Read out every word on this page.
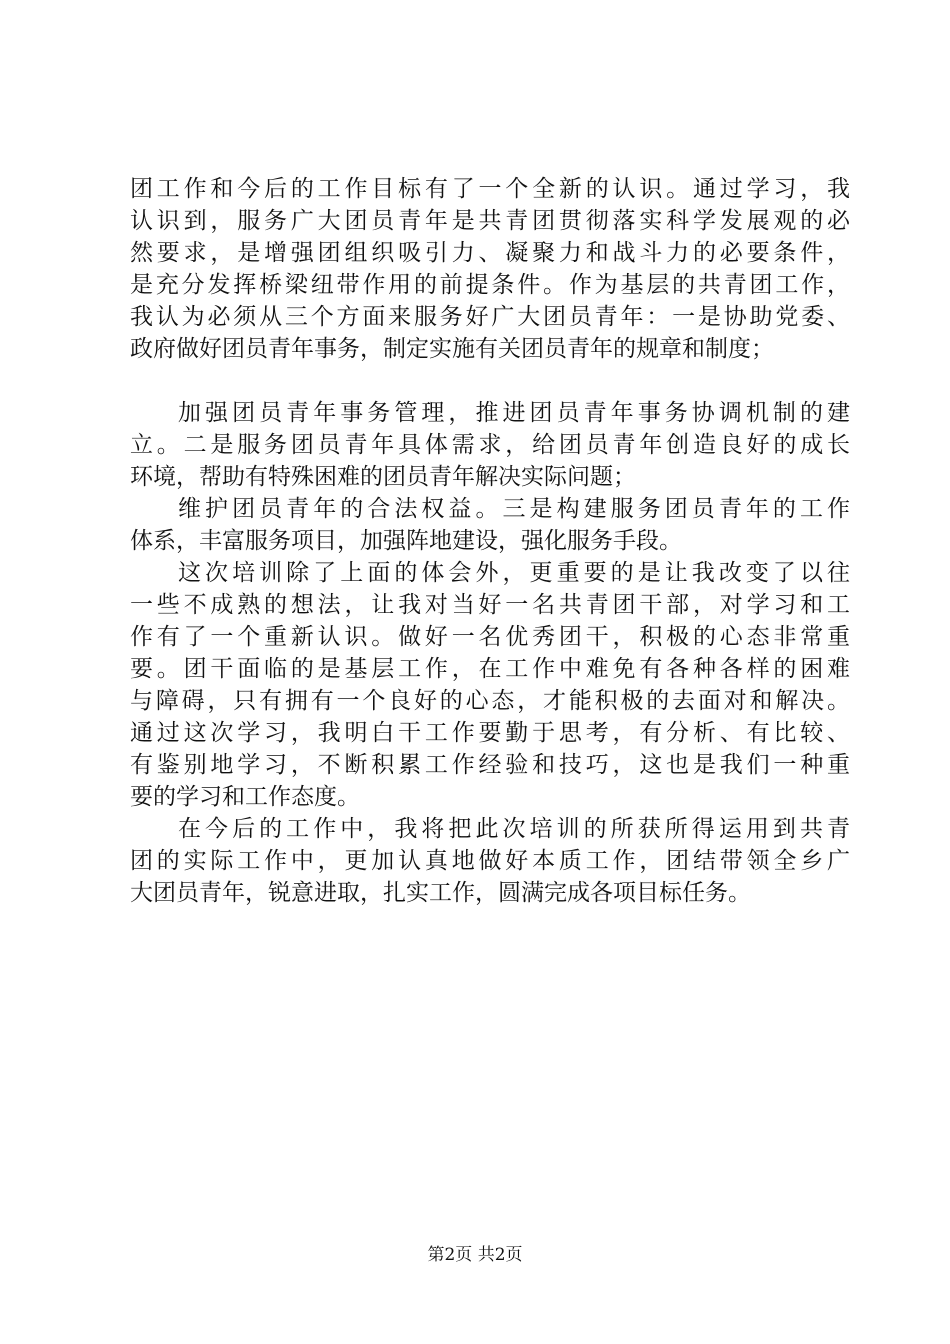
团工作和今后的工作目标有了一个全新的认识。通过学习，我
认识到，服务广大团员青年是共青团贯彻落实科学发展观的必
然要求，是增强团组织吸引力、凝聚力和战斗力的必要条件，
是充分发挥桥梁纽带作用的前提条件。作为基层的共青团工作，
我认为必须从三个方面来服务好广大团员青年：一是协助党委、
政府做好团员青年事务，制定实施有关团员青年的规章和制度；
加强团员青年事务管理，推进团员青年事务协调机制的建
立。二是服务团员青年具体需求，给团员青年创造良好的成长
环境，帮助有特殊困难的团员青年解决实际问题；
维护团员青年的合法权益。三是构建服务团员青年的工作
体系，丰富服务项目，加强阵地建设，强化服务手段。
这次培训除了上面的体会外，更重要的是让我改变了以往
一些不成熟的想法，让我对当好一名共青团干部，对学习和工
作有了一个重新认识。做好一名优秀团干，积极的心态非常重
要。团干面临的是基层工作，在工作中难免有各种各样的困难
与障碍，只有拥有一个良好的心态，才能积极的去面对和解决。
通过这次学习，我明白干工作要勤于思考，有分析、有比较、
有鉴别地学习，不断积累工作经验和技巧，这也是我们一种重
要的学习和工作态度。
在今后的工作中，我将把此次培训的所获所得运用到共青
团的实际工作中，更加认真地做好本质工作，团结带领全乡广
大团员青年，锐意进取，扎实工作，圆满完成各项目标任务。
第2页 共2页
